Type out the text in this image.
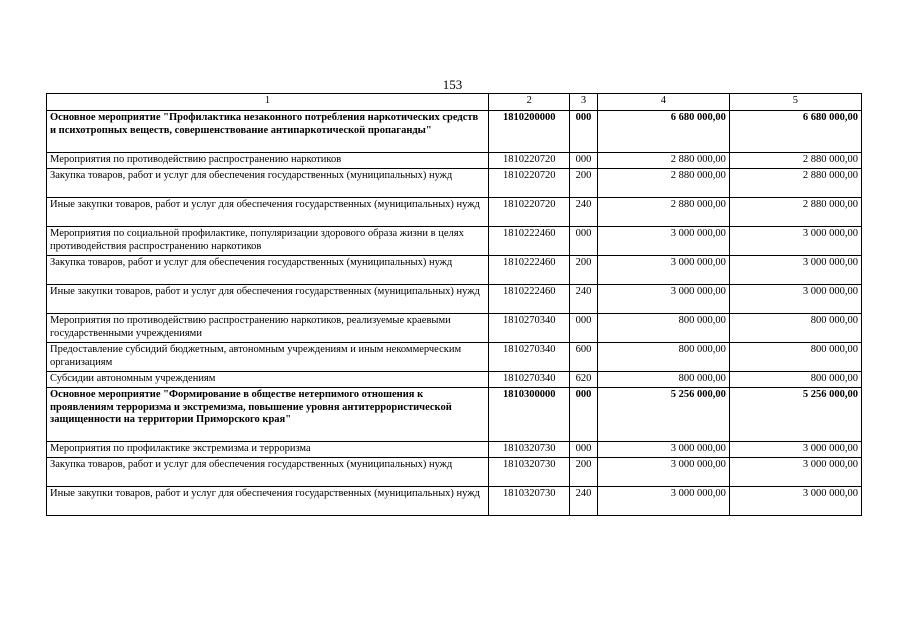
153
1	2	3	4	5
Основное мероприятие "Профилактика незаконного потребления наркотических средств и психотропных веществ, совершенствование антипаркотической пропаганды"	1810200000	000	6 680 000,00	6 680 000,00
Мероприятия по противодействию распространению наркотиков	1810220720	000	2 880 000,00	2 880 000,00
Закупка товаров, работ и услуг для обеспечения государственных (муниципальных) нужд	1810220720	200	2 880 000,00	2 880 000,00
Иные закупки товаров, работ и услуг для обеспечения государственных (муниципальных) нужд	1810220720	240	2 880 000,00	2 880 000,00
Мероприятия по социальной профилактике, популяризации здорового образа жизни в целях противодействия распространению наркотиков	1810222460	000	3 000 000,00	3 000 000,00
Закупка товаров, работ и услуг для обеспечения государственных (муниципальных) нужд	1810222460	200	3 000 000,00	3 000 000,00
Иные закупки товаров, работ и услуг для обеспечения государственных (муниципальных) нужд	1810222460	240	3 000 000,00	3 000 000,00
Мероприятия по противодействию распространению наркотиков, реализуемые краевыми государственными учреждениями	1810270340	000	800 000,00	800 000,00
Предоставление субсидий бюджетным, автономным учреждениям и иным некоммерческим организациям	1810270340	600	800 000,00	800 000,00
Субсидии автономным учреждениям	1810270340	620	800 000,00	800 000,00
Основное мероприятие "Формирование в обществе нетерпимого отношения к проявлениям терроризма и экстремизма, повышение уровня антитеррористической защищенности на территории Приморского края"	1810300000	000	5 256 000,00	5 256 000,00
Мероприятия по профилактике экстремизма и терроризма	1810320730	000	3 000 000,00	3 000 000,00
Закупка товаров, работ и услуг для обеспечения государственных (муниципальных) нужд	1810320730	200	3 000 000,00	3 000 000,00
Иные закупки товаров, работ и услуг для обеспечения государственных (муниципальных) нужд	1810320730	240	3 000 000,00	3 000 000,00
